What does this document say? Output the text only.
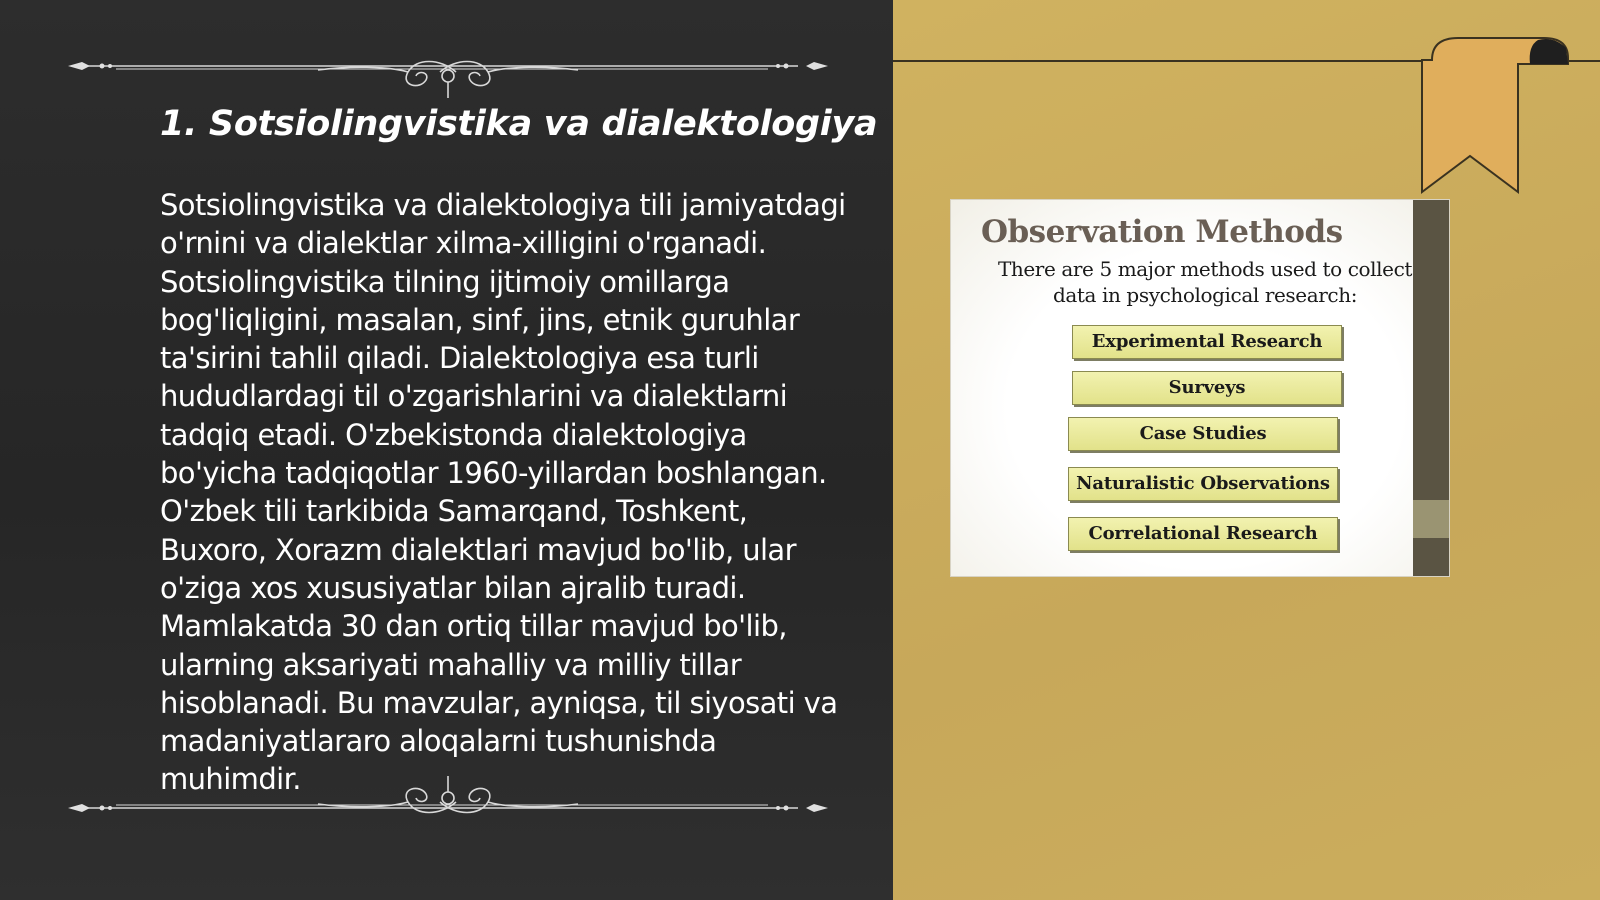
1. Sotsiolingvistika va dialektologiya

Sotsiolingvistika va dialektologiya tili jamiyatdagi o'rnini va dialektlar xilma-xilligini o'rganadi. Sotsiolingvistika tilning ijtimoiy omillarga bog'liqligini, masalan, sinf, jins, etnik guruhlar ta'sirini tahlil qiladi. Dialektologiya esa turli hududlardagi til o'zgarishlarini va dialektlarni tadqiq etadi. O'zbekistonda dialektologiya bo'yicha tadqiqotlar 1960-yillardan boshlangan. O'zbek tili tarkibida Samarqand, Toshkent, Buxoro, Xorazm dialektlari mavjud bo'lib, ular o'ziga xos xususiyatlar bilan ajralib turadi. Mamlakatda 30 dan ortiq tillar mavjud bo'lib, ularning aksariyati mahalliy va milliy tillar hisoblanadi. Bu mavzular, ayniqsa, til siyosati va madaniyatlararo aloqalarni tushunishda muhimdir.

Observation Methods
There are 5 major methods used to collect data in psychological research:
Experimental Research
Surveys
Case Studies
Naturalistic Observations
Correlational Research
